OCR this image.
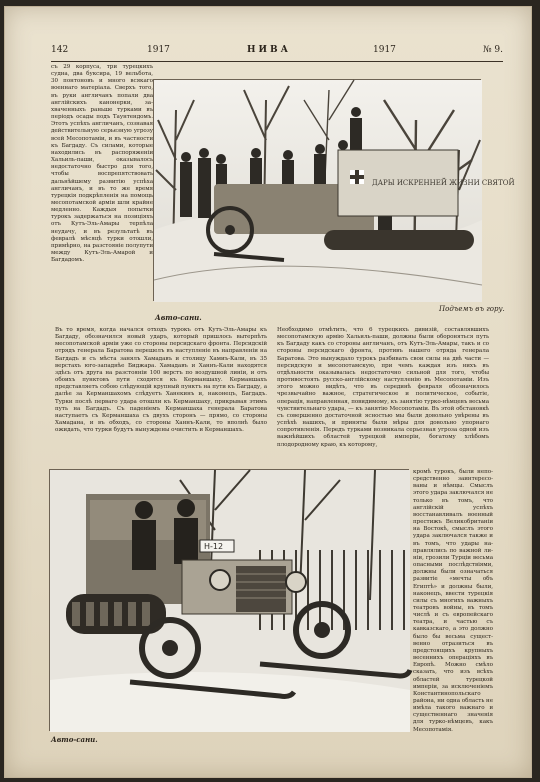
142	1917	НИВА	1917	№ 9.
съ 29 корпуса, три турецкихъ судна, два буксира, 19 вельбота, 30 понтоновъ и много всякаго военнаго матеріала. Сверхъ того, въ руки англичанъ попали два англійскихъ канонерки, захваченныхъ раньше турками въ періодъ осады подъ Таунтендомъ. Этотъ успѣхъ англичанъ, сознавая действительную серьезную угрозу всей Месопотаміи, и въ частности къ Багдаду. Съ силами, которые находились въ распоряженіи Хальиль-паши, оказывалось недостаточно быстро для того, чтобы воспрепятствовать дальнѣйшему развитію успѣха англичанъ, и въ то же время турецкія подкрѣпленія на помощь месопотамской арміи шли крайне медленно. Каждыя попытки турокъ задержаться на позиціяхъ отъ Кутъ-Эль-Амары терпѣла неудачу, и въ результатѣ въ февралѣ мѣсяцѣ турки отошли, примѣрно, на разстояніе полупути между Кутъ-Эль-Амарой и Багдадомъ.
ДАРЫ ИСКРЕННЕЙ ЖИЗНИ СВЯТОЙ
Авто-сани.
Подъемъ въ гору.
Въ то время, когда начался отходъ турокъ отъ Кутъ-Эль-Амары къ Багдаду, обозначился новый ударъ, который пришлось вытерпѣть месопотамской арміи уже со стороны персидскаго фронта. Персидскій отрядъ генерала Баратова перешелъ въ наступленіе въ направленіи на Багдадъ и съ мѣста занялъ Хамадавъ и столицу Хамиъ-Кали, въ 35 верстахъ юго-западнѣе Биджара. Хамадавъ и Ханнъ-Кали находятся здѣсь отъ друга на разстояніи 100 верстъ по воздушной линіи, и отъ обоихъ пунктовъ пути сходятся къ Керманшаху. Керманшахъ представляетъ собою слѣдующій крупный пунктъ на пути къ Багдаду, а далѣе за Керманшахомъ слѣдуетъ Ханекинъ и, наконецъ, Багдадъ. Турки послѣ перваго удара отошли къ Керманшаху, прикрывая этимъ путь на Багдадъ. Съ паденіемъ Керманшаха генерала Баратова наступаетъ съ Керманшаха съ двухъ сторонъ — прямо, со стороны Хамадана, и въ обходъ, со стороны Ханнъ-Кали, то вполнѣ было ожидать, что турки будутъ вынуждены очистить и Керманшахъ.
Необходимо отмѣтить, что 6 турецкихъ дивизій, составлявшихъ месопотамскую армію Хальиль-паши, должны были обороняться путь къ Багдаду какъ со стороны англичанъ, отъ Кутъ-Эль-Амары, такъ и со стороны персидскаго фронта, противъ нашего отряда генерала Баратова. Это вынуждало турокъ разбивать свои силы на двѣ части — персидскую и месопотамскую, при чемъ каждая изъ нихъ въ отдѣльности оказывалась недостаточно сильной для того, чтобы противостоять русско-англійскому наступленію въ Месопотаміи. Изъ этого можно видѣть, что въ серединѣ февраля обозначилось чрезвычайно важное, стратегическое и политическое, событіе, операція, направленная, повидимому, къ занятію турко-нѣмцевъ весьма чувствительнаго удара, — къ занятію Месопотаміи. Въ этой обстановкѣ съ совершенно достаточной ясностью мы были довольно увѣрены въ успѣхѣ нашихъ, и приняты были мѣры для довольно упорнаго сопротивленія. Передъ турками возникала серьезная угроза одной изъ важнѣйшихъ областей турецкой имперіи, богатому хлѣбомъ плодородному краю, къ которому,
H-12
кромѣ турокъ, были непосредственно заинтересованы и нѣмцы. Смыслъ этого удара заключался не только въ томъ, что англійскій успѣхъ восстанавливалъ военный престижъ Великобританіи на Востокѣ, смыслъ этого удара заключался также и въ томъ, что удары направлялись по важной линіи, грозили Турціи весьма опасными послѣдствіями, должны были означаться развитіе «мечты объ Египтѣ» и должны были, наконецъ, ввести турецкія силы съ многихъ важныхъ театровъ войны, въ томъ числѣ и съ европейскаго театра, и частью съ кавказскаго, а это должно было бы весьма существенно отразиться въ предстоящихъ крупныхъ весеннихъ операціяхъ въ Европѣ. Можно смѣло сказать, что изъ всѣхъ областей турецкой имперіи, за исключеніемъ Константинопольскаго района, ни одна область не имѣла такого важнаго и существеннаго значенія для турко-нѣмцевъ, какъ Месопотамія.
Авто-сани.
